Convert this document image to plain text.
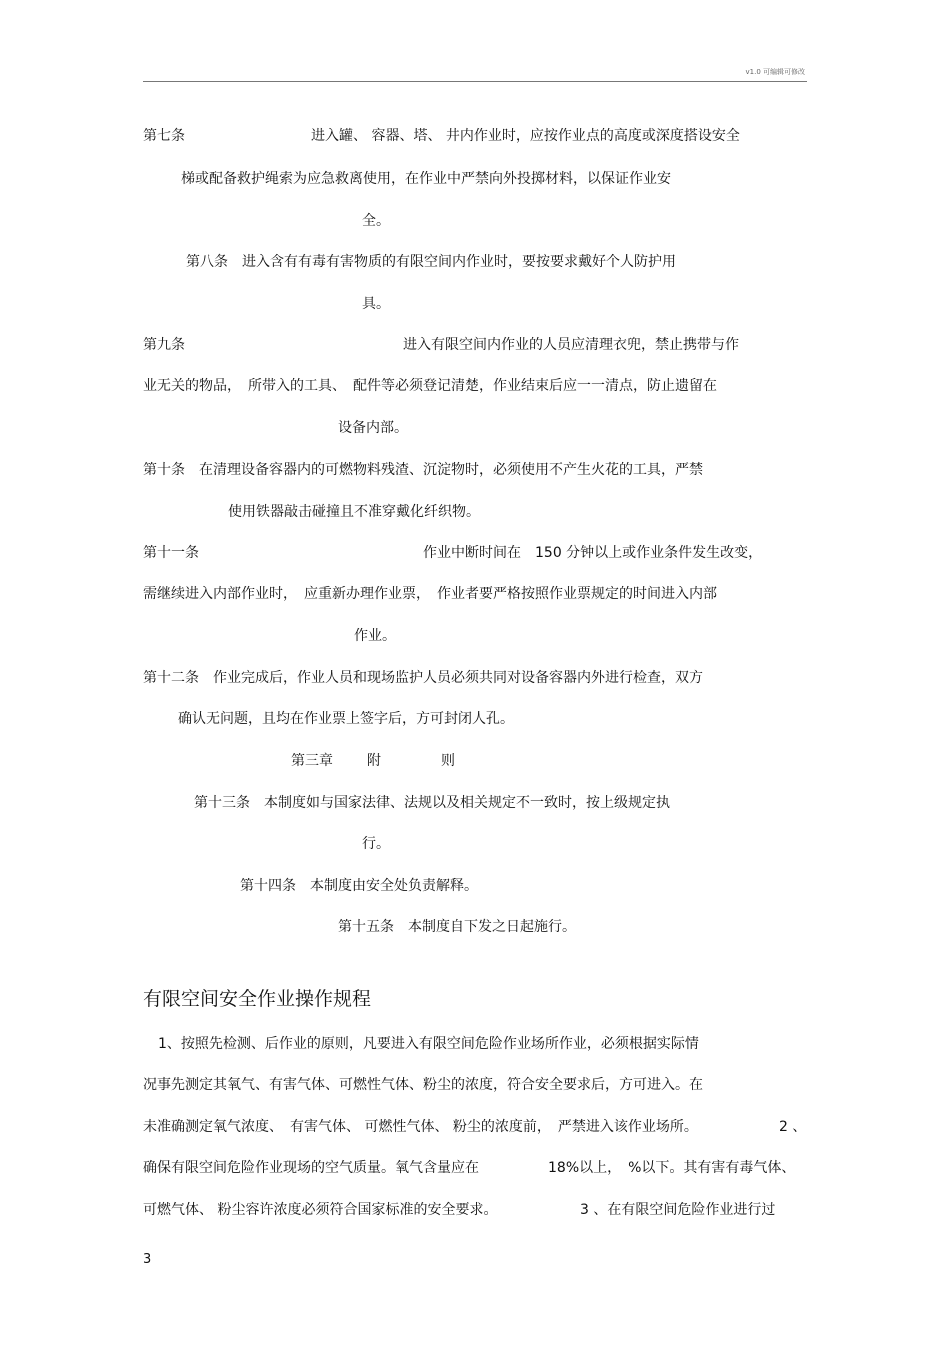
v1.0 可编辑可修改
第七条	进入罐、 容器、塔、 井内作业时，应按作业点的高度或深度搭设安全
梯或配备救护绳索为应急救离使用，在作业中严禁向外投掷材料，以保证作业安
全。
第八条　进入含有有毒有害物质的有限空间内作业时，要按要求戴好个人防护用
具。
第九条	进入有限空间内作业的人员应清理衣兜，禁止携带与作
业无关的物品，　所带入的工具、　配件等必须登记清楚，作业结束后应一一清点，防止遗留在
设备内部。
第十条　在清理设备容器内的可燃物料残渣、沉淀物时，必须使用不产生火花的工具，严禁
使用铁器敲击碰撞且不准穿戴化纤织物。
第十一条	作业中断时间在　150 分钟以上或作业条件发生改变，
需继续进入内部作业时，　应重新办理作业票，　作业者要严格按照作业票规定的时间进入内部
作业。
第十二条　作业完成后，作业人员和现场监护人员必须共同对设备容器内外进行检查，双方
确认无问题，且均在作业票上签字后，方可封闭人孔。
第三章 附	则
第十三条　本制度如与国家法律、法规以及相关规定不一致时，按上级规定执
行。
第十四条　本制度由安全处负责解释。
第十五条　本制度自下发之日起施行。
有限空间安全作业操作规程
1、按照先检测、后作业的原则，凡要进入有限空间危险作业场所作业，必须根据实际情
况事先测定其氧气、有害气体、可燃性气体、粉尘的浓度，符合安全要求后，方可进入。在
未准确测定氧气浓度、　有害气体、 可燃性气体、 粉尘的浓度前，　严禁进入该作业场所。	2 、
确保有限空间危险作业现场的空气质量。氧气含量应在	18%以上，　%以下。其有害有毒气体、
可燃气体、 粉尘容许浓度必须符合国家标准的安全要求。	3 、在有限空间危险作业进行过
3
